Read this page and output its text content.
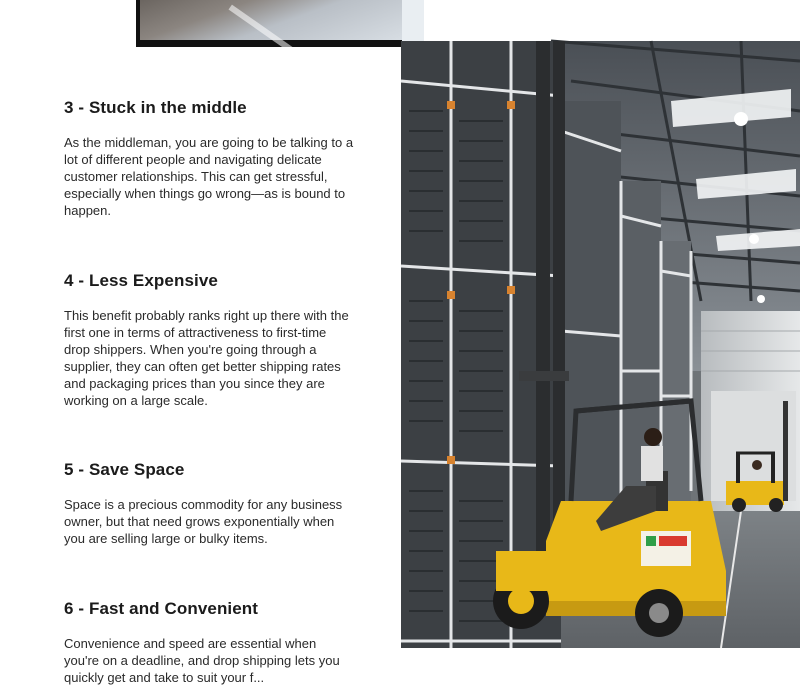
3 - Stuck in the middle

As the middleman, you are going to be talking to a lot of different people and navigating delicate customer relationships. This can get stressful, especially when things go wrong—as is bound to happen.

4 - Less Expensive

This benefit probably ranks right up there with the first one in terms of attractiveness to first-time drop shippers. When you're going through a supplier, they can often get better shipping rates and packaging prices than you since they are working on a large scale.

5 - Save Space

Space is a precious commodity for any business owner, but that need grows exponentially when you are selling large or bulky items.

6 - Fast and Convenient

Convenience and speed are essential when you're on a deadline, and drop shipping lets you quickly get and take to suit your f...
